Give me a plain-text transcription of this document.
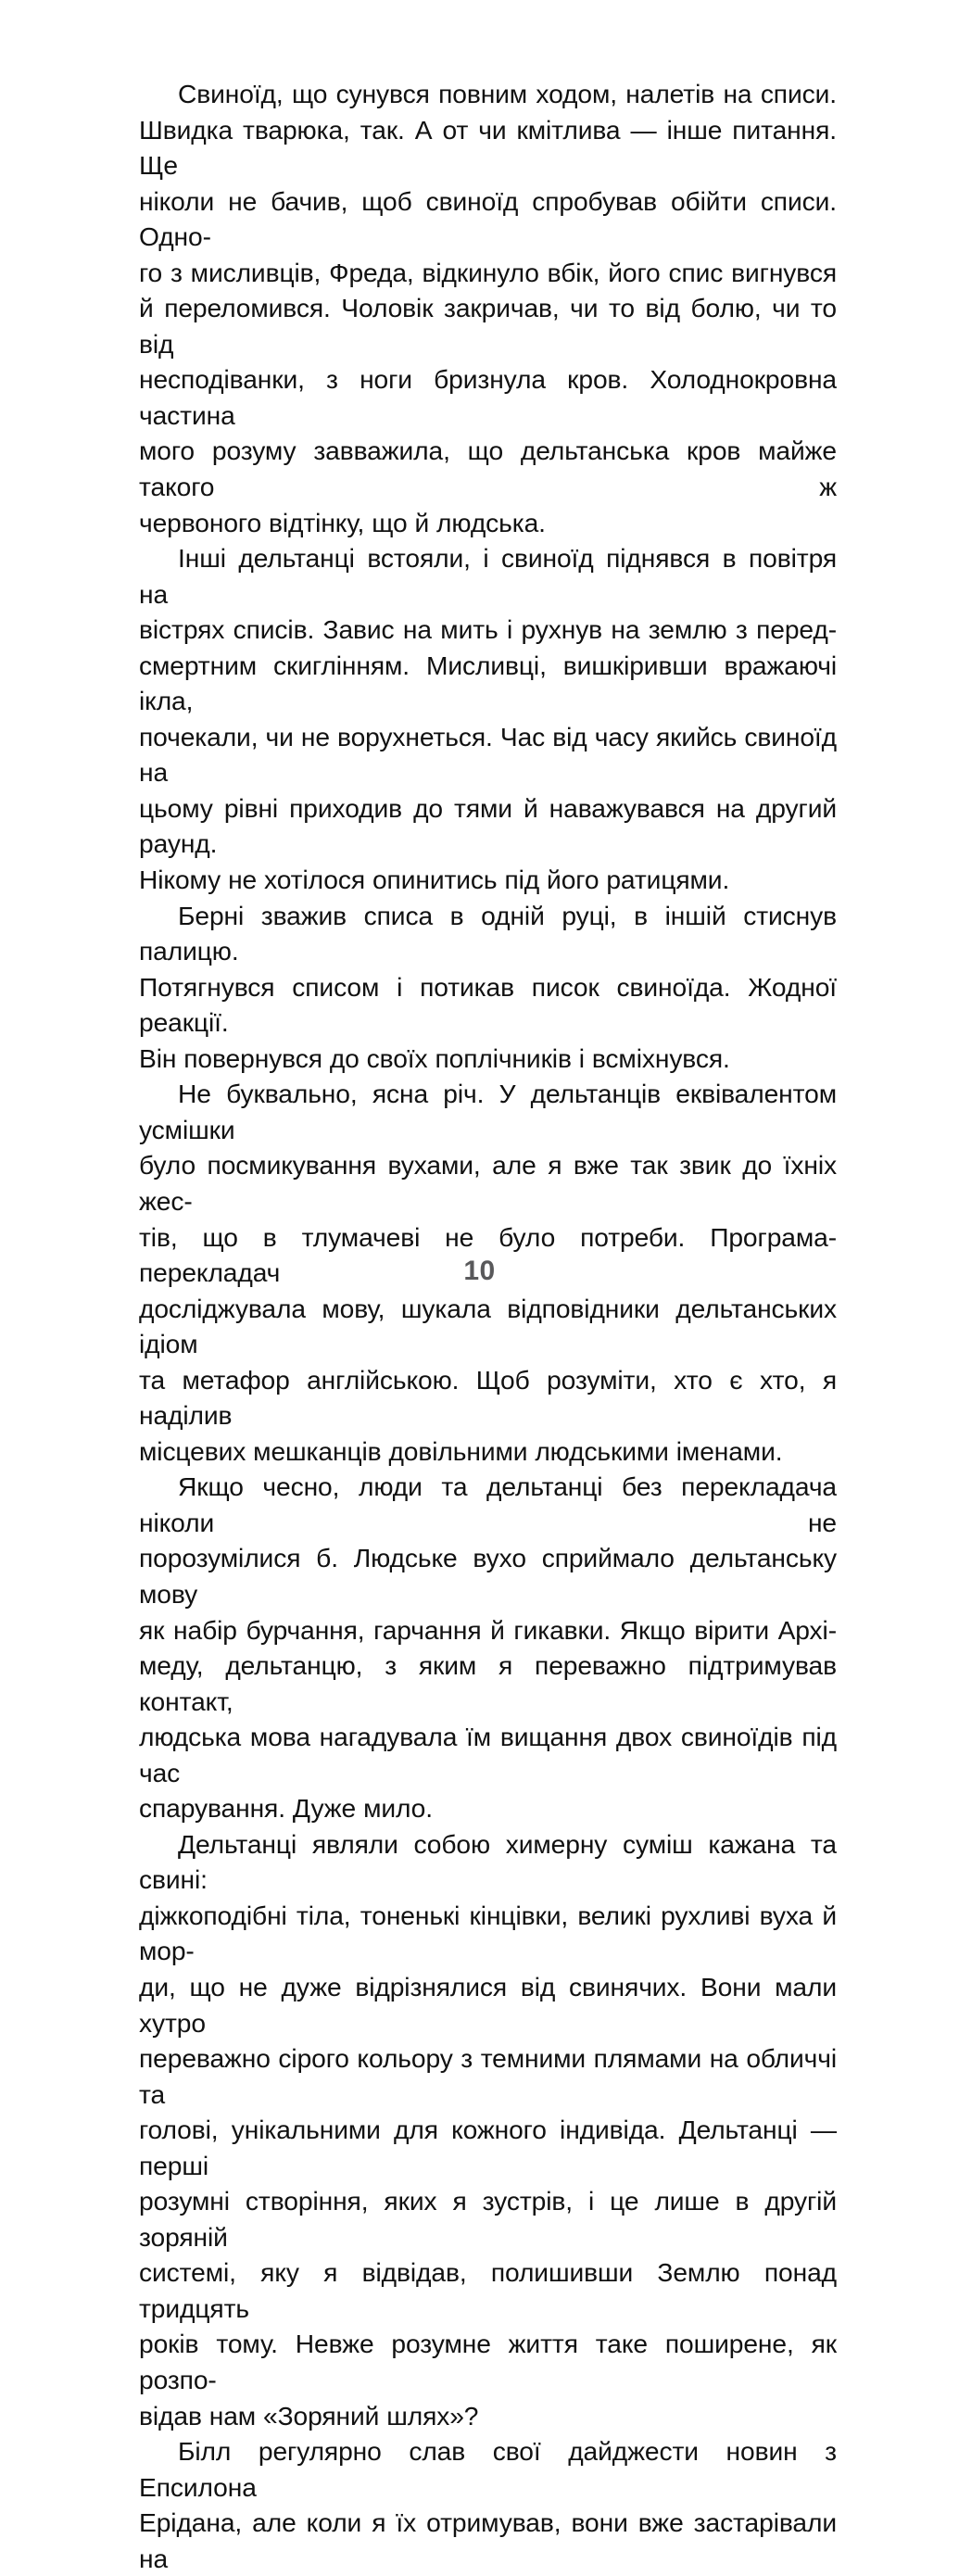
Свиноїд, що сунувся повним ходом, налетів на списи.
Швидка тварюка, так. А от чи кмітлива — інше питання. Ще
ніколи не бачив, щоб свиноїд спробував обійти списи. Одно-
го з мисливців, Фреда, відкинуло вбік, його спис вигнувся
й переломився. Чоловік закричав, чи то від болю, чи то від
несподіванки, з ноги бризнула кров. Холоднокровна частина
мого розуму завважила, що дельтанська кров майже такого ж
червоного відтінку, що й людська.

Інші дельтанці встояли, і свиноїд піднявся в повітря на
вістрях списів. Завис на мить і рухнув на землю з перед-
смертним скиглінням. Мисливці, вишкіривши вражаючі ікла,
почекали, чи не ворухнеться. Час від часу якийсь свиноїд на
цьому рівні приходив до тями й наважувався на другий раунд.
Нікому не хотілося опинитись під його ратицями.

Берні зважив списа в одній руці, в іншій стиснув палицю.
Потягнувся списом і потикав писок свиноїда. Жодної реакції.
Він повернувся до своїх поплічників і всміхнувся.

Не буквально, ясна річ. У дельтанців еквівалентом усмішки
було посмикування вухами, але я вже так звик до їхніх жес-
тів, що в тлумачеві не було потреби. Програма-перекладач
досліджувала мову, шукала відповідники дельтанських ідіом
та метафор англійською. Щоб розуміти, хто є хто, я наділив
місцевих мешканців довільними людськими іменами.

Якщо чесно, люди та дельтанці без перекладача ніколи не
порозумілися б. Людське вухо сприймало дельтанську мову
як набір бурчання, гарчання й гикавки. Якщо вірити Архі-
меду, дельтанцю, з яким я переважно підтримував контакт,
людська мова нагадувала їм вищання двох свиноїдів під час
спарування. Дуже мило.

Дельтанці являли собою химерну суміш кажана та свині:
діжкоподібні тіла, тоненькі кінцівки, великі рухливі вуха й мор-
ди, що не дуже відрізнялися від свинячих. Вони мали хутро
переважно сірого кольору з темними плямами на обличчі та
голові, унікальними для кожного індивіда. Дельтанці — перші
розумні створіння, яких я зустрів, і це лише в другій зоряній
системі, яку я відвідав, полишивши Землю понад тридцять
років тому. Невже розумне життя таке поширене, як розпо-
відав нам «Зоряний шлях»?

Білл регулярно слав свої дайджести новин з Епсилона
Ерідана, але коли я їх отримував, вони вже застарівали на

10
